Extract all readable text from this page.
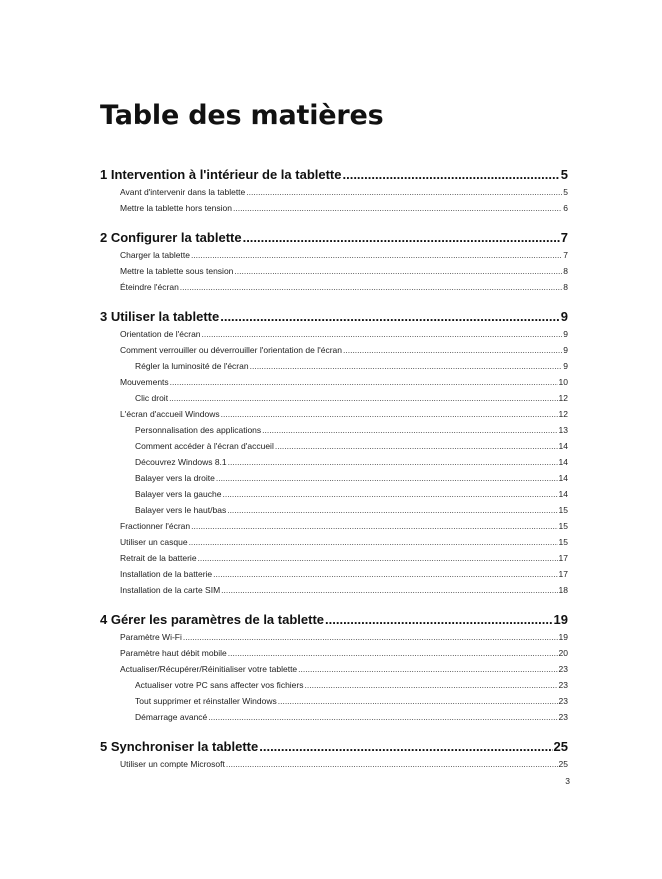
Table des matières
1 Intervention à l'intérieur de la tablette .....	5
Avant d'intervenir dans la tablette .....	5
Mettre la tablette hors tension .....	6
2 Configurer la tablette .....	7
Charger la tablette .....	7
Mettre la tablette sous tension .....	8
Éteindre l'écran .....	8
3 Utiliser la tablette .....	9
Orientation de l'écran .....	9
Comment verrouiller ou déverrouiller l'orientation de l'écran .....	9
Régler la luminosité de l'écran .....	9
Mouvements .....	10
Clic droit .....	12
L'écran d'accueil Windows .....	12
Personnalisation des applications .....	13
Comment accéder à l'écran d'accueil .....	14
Découvrez Windows 8.1 .....	14
Balayer vers la droite .....	14
Balayer vers la gauche .....	14
Balayer vers le haut/bas .....	15
Fractionner l'écran .....	15
Utiliser un casque .....	15
Retrait de la batterie .....	17
Installation de la batterie .....	17
Installation de la carte SIM .....	18
4 Gérer les paramètres de la tablette .....	19
Paramètre Wi-Fi .....	19
Paramètre haut débit mobile .....	20
Actualiser/Récupérer/Réinitialiser votre tablette .....	23
Actualiser votre PC sans affecter vos fichiers .....	23
Tout supprimer et réinstaller Windows .....	23
Démarrage avancé .....	23
5 Synchroniser la tablette .....	25
Utiliser un compte Microsoft .....	25
3
